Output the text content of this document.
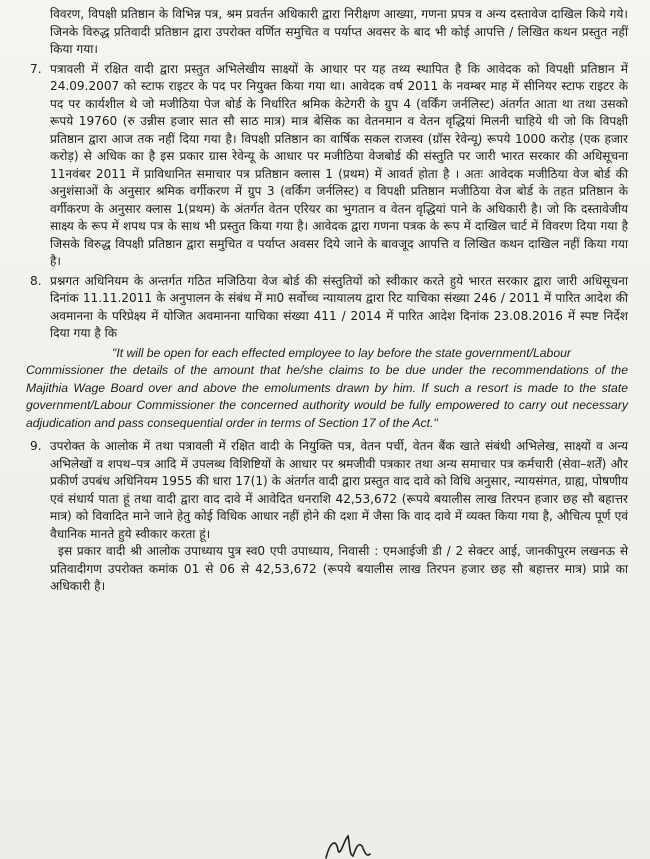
विवरण, विपक्षी प्रतिष्ठान के विभिन्न पत्र, श्रम प्रवर्तन अधिकारी द्वारा निरीक्षण आख्या, गणना प्रपत्र व अन्य दस्तावेज दाखिल किये गये। जिनके विरुद्ध प्रतिवादी प्रतिष्ठान द्वारा उपरोक्त वर्णित समुचित व पर्याप्त अवसर के बाद भी कोई आपत्ति / लिखित कथन प्रस्तुत नहीं किया गया।

7. पत्रावली में रक्षित वादी द्वारा प्रस्तुत अभिलेखीय साक्ष्यों के आधार पर यह तथ्य स्थापित है कि आवेदक को विपक्षी प्रतिष्ठान में 24.09.2007 को स्टाफ राइटर के पद पर नियुक्त किया गया था। आवेदक वर्ष 2011 के नवम्बर माह में सीनियर स्टाफ राइटर के पद पर कार्यशील थे जो मजीठिया पेज बोर्ड के निर्धारित श्रमिक केटेगरी के ग्रुप 4 (वर्किंग जर्नलिस्ट) अंतर्गत आता था तथा उसको रूपये 19760 (रु उन्नीस हजार सात सौ साठ मात्र) मात्र बेसिक का वेतनमान व वेतन वृद्धियां मिलनी चाहिये थी जो कि विपक्षी प्रतिष्ठान द्वारा आज तक नहीं दिया गया है। विपक्षी प्रतिष्ठान का वार्षिक सकल राजस्व (ग्रॉस रेवेन्यू) रूपये 1000 करोड़ (एक हजार करोड़) से अधिक का है इस प्रकार ग्रास रेवेन्यू के आधार पर मजीठिया वेजबोर्ड की संस्तुति पर जारी भारत सरकार की अधिसूचना 11नवंबर 2011 में प्राविधानित समाचार पत्र प्रतिष्ठान क्लास 1 (प्रथम) में आवर्त होता है । अतः आवेदक मजीठिया वेज बोर्ड की अनुशंसाओं के अनुसार श्रमिक वर्गीकरण में ग्रुप 3 (वर्किंग जर्नलिस्ट) व विपक्षी प्रतिष्ठान मजीठिया वेज बोर्ड के तहत प्रतिष्ठान के वर्गीकरण के अनुसार क्लास 1(प्रथम) के अंतर्गत वेतन एरियर का भुगतान व वेतन वृद्धियां पाने के अधिकारी है। जो कि दस्तावेजीय साक्ष्य के रूप में शपथ पत्र के साथ भी प्रस्तुत किया गया है। आवेदक द्वारा गणना पत्रक के रूप में दाखिल चार्ट में विवरण दिया गया है जिसके विरुद्ध विपक्षी प्रतिष्ठान द्वारा समुचित व पर्याप्त अवसर दिये जाने के बावजूद आपत्ति व लिखित कथन दाखिल नहीं किया गया है।

8. प्रश्नगत अधिनियम के अन्तर्गत गठित मजिठिया वेज बोर्ड की संस्तुतियों को स्वीकार करते हुये भारत सरकार द्वारा जारी अधिसूचना दिनांक 11.11.2011 के अनुपालन के संबंध में मा0 सर्वोच्च न्यायालय द्वारा रिट याचिका संख्या 246 / 2011 में पारित आदेश की अवमानना के परिप्रेक्ष्य में योजित अवमानना याचिका संख्या 411 / 2014 में पारित आदेश दिनांक 23.08.2016 में स्पष्ट निर्देश दिया गया है कि

"It will be open for each effected employee to lay before the state government/Labour
Commissioner the details of the amount that he/she claims to be due under the recommendations of the Majithia Wage Board over and above the emoluments drawn by him. If such a resort is made to the state government/Labour Commissioner the concerned authority would be fully empowered to carry out necessary adjudication and pass consequential order in terms of Section 17 of the Act."
9. उपरोक्त के आलोक में तथा पत्रावली में रक्षित वादी के नियुक्ति पत्र, वेतन पर्ची, वेतन बैंक खाते संबंधी अभिलेख, साक्ष्यों व अन्य अभिलेखों व शपथ–पत्र आदि में उपलब्ध विशिष्टियों के आधार पर श्रमजीवी पत्रकार तथा अन्य समाचार पत्र कर्मचारी (सेवा–शर्तें) और प्रकीर्ण उपबंध अधिनियम 1955 की धारा 17(1) के अंतर्गत वादी द्वारा प्रस्तुत वाद दावे को विधि अनुसार, न्यायसंगत, ग्राह्य, पोषणीय एवं संधार्य पाता हूं तथा वादी द्वारा वाद दावे में आवेदित धनराशि 42,53,672 (रूपये बयालीस लाख तिरपन हजार छह सौ बहात्तर मात्र) को विवादित माने जाने हेतु कोई विधिक आधार नहीं होने की दशा में जैसा कि वाद दावे में व्यक्त किया गया है, औचित्य पूर्ण एवं वैधानिक मानते हुये स्वीकार करता हूं।

इस प्रकार वादी श्री आलोक उपाध्याय पुत्र स्व0 एपी उपाध्याय, निवासी : एमआईजी डी / 2 सेक्टर आई, जानकीपुरम लखनऊ से प्रतिवादीगण उपरोक्त कमांक 01 से 06 से 42,53,672 (रूपये बयालीस लाख तिरपन हजार छह सौ बहात्तर मात्र) प्राप्ने का अधिकारी है।
